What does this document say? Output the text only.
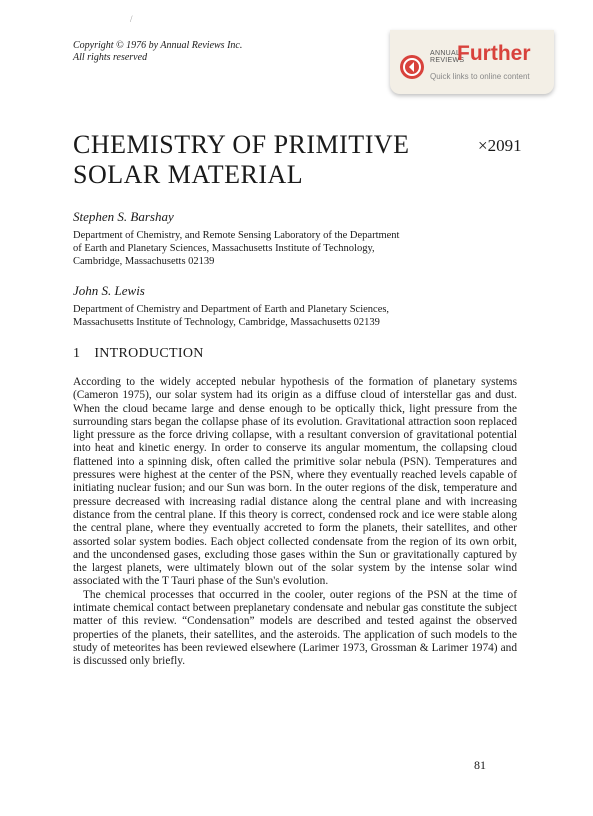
/
Copyright © 1976 by Annual Reviews Inc.
All rights reserved	ANNUAL
REVIEWS
Further
Quick links to online content
CHEMISTRY OF PRIMITIVE
SOLAR MATERIAL
×2091
Stephen S. Barshay
Department of Chemistry, and Remote Sensing Laboratory of the Department
of Earth and Planetary Sciences, Massachusetts Institute of Technology,
Cambridge, Massachusetts 02139
John S. Lewis
Department of Chemistry and Department of Earth and Planetary Sciences,
Massachusetts Institute of Technology, Cambridge, Massachusetts 02139
1 INTRODUCTION

According to the widely accepted nebular hypothesis of the formation of planetary systems (Cameron 1975), our solar system had its origin as a diffuse cloud of interstellar gas and dust. When the cloud became large and dense enough to be optically thick, light pressure from the surrounding stars began the collapse phase of its evolution. Gravitational attraction soon replaced light pressure as the force driving collapse, with a resultant conversion of gravitational potential into heat and kinetic energy. In order to conserve its angular momentum, the collapsing cloud flattened into a spinning disk, often called the primitive solar nebula (PSN). Temperatures and pressures were highest at the center of the PSN, where they eventually reached levels capable of initiating nuclear fusion; and our Sun was born. In the outer regions of the disk, temperature and pressure decreased with increasing radial distance along the central plane and with increasing distance from the central plane. If this theory is correct, condensed rock and ice were stable along the central plane, where they eventually accreted to form the planets, their satellites, and other assorted solar system bodies. Each object collected condensate from the region of its own orbit, and the uncondensed gases, excluding those gases within the Sun or gravitationally captured by the largest planets, were ultimately blown out of the solar system by the intense solar wind associated with the T Tauri phase of the Sun's evolution.

The chemical processes that occurred in the cooler, outer regions of the PSN at the time of intimate chemical contact between preplanetary condensate and nebular gas constitute the subject matter of this review. “Condensation” models are described and tested against the observed properties of the planets, their satellites, and the asteroids. The application of such models to the study of meteorites has been reviewed elsewhere (Larimer 1973, Grossman & Larimer 1974) and is discussed only briefly.

81
